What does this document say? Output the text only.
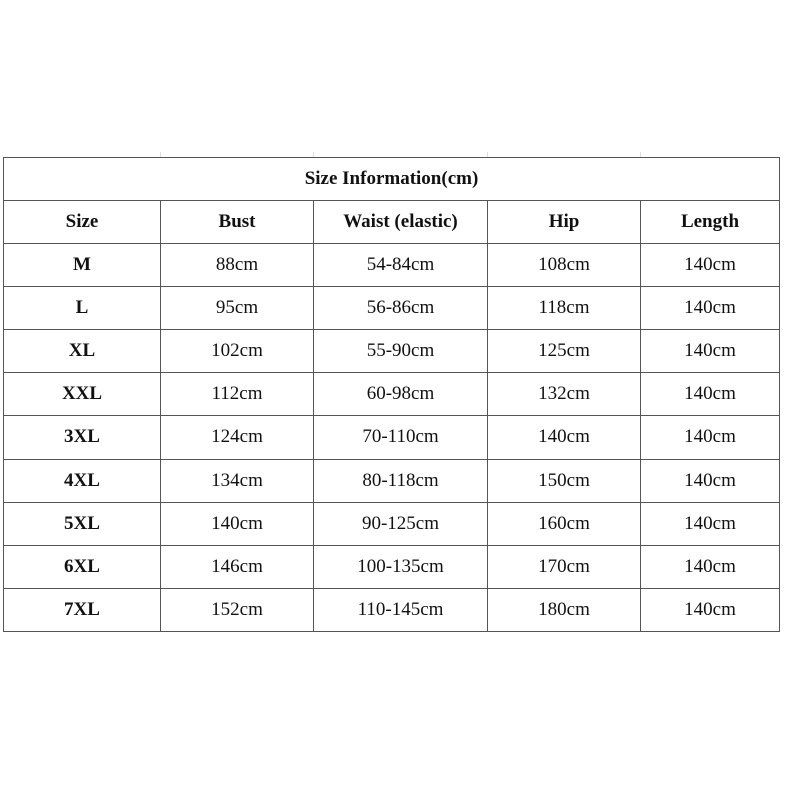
Size Information(cm)				
Size	Bust	Waist (elastic)	Hip	Length
M	88cm	54-84cm	108cm	140cm
L	95cm	56-86cm	118cm	140cm
XL	102cm	55-90cm	125cm	140cm
XXL	112cm	60-98cm	132cm	140cm
3XL	124cm	70-110cm	140cm	140cm
4XL	134cm	80-118cm	150cm	140cm
5XL	140cm	90-125cm	160cm	140cm
6XL	146cm	100-135cm	170cm	140cm
7XL	152cm	110-145cm	180cm	140cm
